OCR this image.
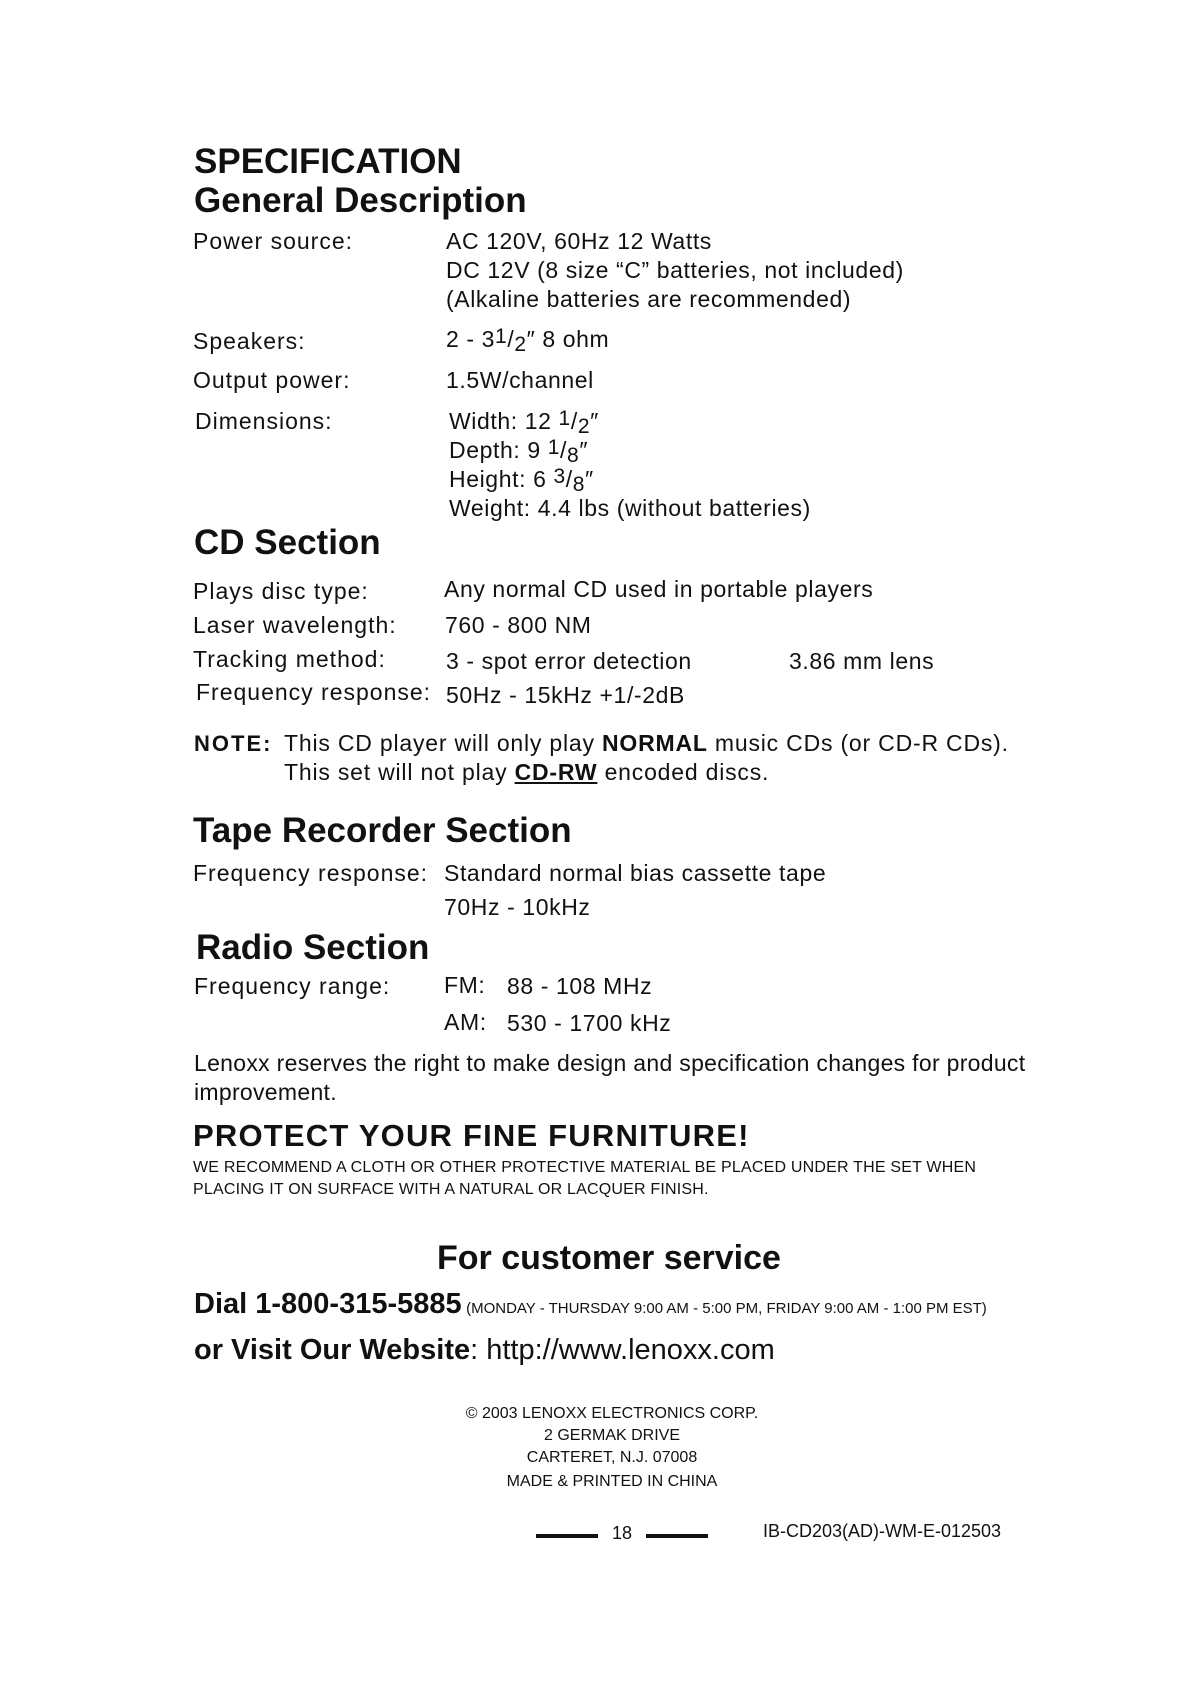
SPECIFICATION
General Description
Power source:	AC 120V, 60Hz 12 Watts
DC 12V (8 size “C” batteries, not included)
(Alkaline batteries are recommended)
Speakers:	$2 - 3^1/_2''$ 8 ohm
Output power:	1.5W/channel
Dimensions:	Width: 12 $^1/_2''$
Depth: 9 $^1/_8''$
Height: 6 $^3/_8''$
Weight: 4.4 lbs (without batteries)
CD Section
Plays disc type:	Any normal CD used in portable players
Laser wavelength: 760 - 800 NM
Tracking method:	3 - spot error detection	3.86 mm lens
Frequency response: 50Hz - 15kHz +1/-2dB
NOTE: This CD player will only play NORMAL music CDs (or CD-R CDs).
This set will not play CD-RW encoded discs.
Tape Recorder Section
Frequency response: Standard normal bias cassette tape
70Hz - 10kHz
Radio Section
Frequency range: FM: 88 - 108 MHz
AM: 530 - 1700 kHz
Lenoxx reserves the right to make design and specification changes for product
improvement.
PROTECT YOUR FINE FURNITURE!
WE RECOMMEND A CLOTH OR OTHER PROTECTIVE MATERIAL BE PLACED UNDER THE SET WHEN
PLACING IT ON SURFACE WITH A NATURAL OR LACQUER FINISH.
For customer service
Dial 1-800-315-5885 (MONDAY - THURSDAY 9:00 AM - 5:00 PM, FRIDAY 9:00 AM - 1:00 PM EST)
or Visit Our Website: http://www.lenoxx.com
© 2003 LENOXX ELECTRONICS CORP.
2 GERMAK DRIVE
CARTERET, N.J. 07008
MADE & PRINTED IN CHINA
18	IB-CD203(AD)-WM-E-012503
